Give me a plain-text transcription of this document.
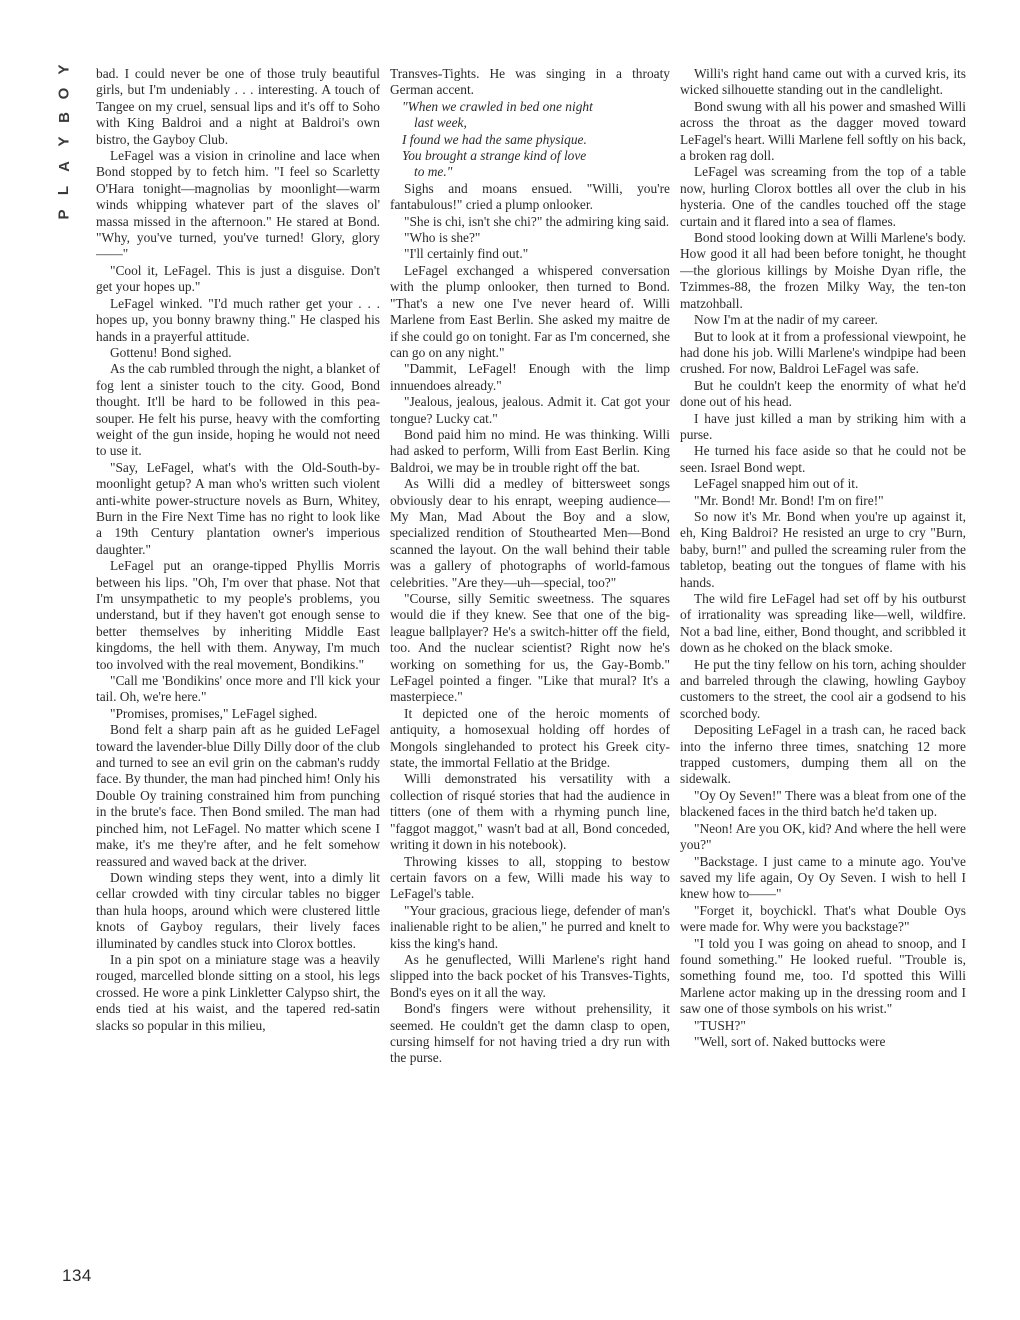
Y
O
B
Y
A
L
P

bad. I could never be one of those truly beautiful girls, but I'm undeniably . . . interesting. A touch of Tangee on my cruel, sensual lips and it's off to Soho with King Baldroi and a night at Baldroi's own bistro, the Gayboy Club.

LeFagel was a vision in crinoline and lace when Bond stopped by to fetch him. "I feel so Scarletty O'Hara tonight—magnolias by moonlight—warm winds whipping whatever part of the slaves ol' massa missed in the afternoon." He stared at Bond. "Why, you've turned, you've turned! Glory, glory——"

"Cool it, LeFagel. This is just a disguise. Don't get your hopes up."

LeFagel winked. "I'd much rather get your . . . hopes up, you bonny brawny thing." He clasped his hands in a prayerful attitude.

Gottenu! Bond sighed.

As the cab rumbled through the night, a blanket of fog lent a sinister touch to the city. Good, Bond thought. It'll be hard to be followed in this pea-souper. He felt his purse, heavy with the comforting weight of the gun inside, hoping he would not need to use it.

"Say, LeFagel, what's with the Old-South-by-moonlight getup? A man who's written such violent anti-white power-structure novels as Burn, Whitey, Burn in the Fire Next Time has no right to look like a 19th Century plantation owner's imperious daughter."

LeFagel put an orange-tipped Phyllis Morris between his lips. "Oh, I'm over that phase. Not that I'm unsympathetic to my people's problems, you understand, but if they haven't got enough sense to better themselves by inheriting Middle East kingdoms, the hell with them. Anyway, I'm much too involved with the real movement, Bondikins."

"Call me 'Bondikins' once more and I'll kick your tail. Oh, we're here."

"Promises, promises," LeFagel sighed.

Bond felt a sharp pain aft as he guided LeFagel toward the lavender-blue Dilly Dilly door of the club and turned to see an evil grin on the cabman's ruddy face. By thunder, the man had pinched him! Only his Double Oy training constrained him from punching in the brute's face. Then Bond smiled. The man had pinched him, not LeFagel. No matter which scene I make, it's me they're after, and he felt somehow reassured and waved back at the driver.

Down winding steps they went, into a dimly lit cellar crowded with tiny circular tables no bigger than hula hoops, around which were clustered little knots of Gayboy regulars, their lively faces illuminated by candles stuck into Clorox bottles.

In a pin spot on a miniature stage was a heavily rouged, marcelled blonde sitting on a stool, his legs crossed. He wore a pink Linkletter Calypso shirt, the ends tied at his waist, and the tapered red-satin slacks so popular in this milieu,

Transves-Tights. He was singing in a throaty German accent.

"When we crawled in bed one night

last week,

I found we had the same physique.

You brought a strange kind of love

to me."

Sighs and moans ensued. "Willi, you're fantabulous!" cried a plump onlooker.

"She is chi, isn't she chi?" the admiring king said.

"Who is she?"

"I'll certainly find out."

LeFagel exchanged a whispered conversation with the plump onlooker, then turned to Bond. "That's a new one I've never heard of. Willi Marlene from East Berlin. She asked my maitre de if she could go on tonight. Far as I'm concerned, she can go on any night."

"Dammit, LeFagel! Enough with the limp innuendoes already."

"Jealous, jealous, jealous. Admit it. Cat got your tongue? Lucky cat."

Bond paid him no mind. He was thinking. Willi had asked to perform, Willi from East Berlin. King Baldroi, we may be in trouble right off the bat.

As Willi did a medley of bittersweet songs obviously dear to his enrapt, weeping audience—My Man, Mad About the Boy and a slow, specialized rendition of Stouthearted Men—Bond scanned the layout. On the wall behind their table was a gallery of photographs of world-famous celebrities. "Are they—uh—special, too?"

"Course, silly Semitic sweetness. The squares would die if they knew. See that one of the big-league ballplayer? He's a switch-hitter off the field, too. And the nuclear scientist? Right now he's working on something for us, the Gay-Bomb." LeFagel pointed a finger. "Like that mural? It's a masterpiece."

It depicted one of the heroic moments of antiquity, a homosexual holding off hordes of Mongols singlehanded to protect his Greek city-state, the immortal Fellatio at the Bridge.

Willi demonstrated his versatility with a collection of risqué stories that had the audience in titters (one of them with a rhyming punch line, "faggot maggot," wasn't bad at all, Bond conceded, writing it down in his notebook).

Throwing kisses to all, stopping to bestow certain favors on a few, Willi made his way to LeFagel's table.

"Your gracious, gracious liege, defender of man's inalienable right to be alien," he purred and knelt to kiss the king's hand.

As he genuflected, Willi Marlene's right hand slipped into the back pocket of his Transves-Tights, Bond's eyes on it all the way.

Bond's fingers were without prehensility, it seemed. He couldn't get the damn clasp to open, cursing himself for not having tried a dry run with the purse.

Willi's right hand came out with a curved kris, its wicked silhouette standing out in the candlelight.

Bond swung with all his power and smashed Willi across the throat as the dagger moved toward LeFagel's heart. Willi Marlene fell softly on his back, a broken rag doll.

LeFagel was screaming from the top of a table now, hurling Clorox bottles all over the club in his hysteria. One of the candles touched off the stage curtain and it flared into a sea of flames.

Bond stood looking down at Willi Marlene's body. How good it all had been before tonight, he thought—the glorious killings by Moishe Dyan rifle, the Tzimmes-88, the frozen Milky Way, the ten-ton matzohball.

Now I'm at the nadir of my career.

But to look at it from a professional viewpoint, he had done his job. Willi Marlene's windpipe had been crushed. For now, Baldroi LeFagel was safe.

But he couldn't keep the enormity of what he'd done out of his head.

I have just killed a man by striking him with a purse.

He turned his face aside so that he could not be seen. Israel Bond wept.

LeFagel snapped him out of it.

"Mr. Bond! Mr. Bond! I'm on fire!"

So now it's Mr. Bond when you're up against it, eh, King Baldroi? He resisted an urge to cry "Burn, baby, burn!" and pulled the screaming ruler from the tabletop, beating out the tongues of flame with his hands.

The wild fire LeFagel had set off by his outburst of irrationality was spreading like—well, wildfire. Not a bad line, either, Bond thought, and scribbled it down as he choked on the black smoke.

He put the tiny fellow on his torn, aching shoulder and barreled through the clawing, howling Gayboy customers to the street, the cool air a godsend to his scorched body.

Depositing LeFagel in a trash can, he raced back into the inferno three times, snatching 12 more trapped customers, dumping them all on the sidewalk.

"Oy Oy Seven!" There was a bleat from one of the blackened faces in the third batch he'd taken up.

"Neon! Are you OK, kid? And where the hell were you?"

"Backstage. I just came to a minute ago. You've saved my life again, Oy Oy Seven. I wish to hell I knew how to——"

"Forget it, boychickl. That's what Double Oys were made for. Why were you backstage?"

"I told you I was going on ahead to snoop, and I found something." He looked rueful. "Trouble is, something found me, too. I'd spotted this Willi Marlene actor making up in the dressing room and I saw one of those symbols on his wrist."

"TUSH?"

"Well, sort of. Naked buttocks were

134
